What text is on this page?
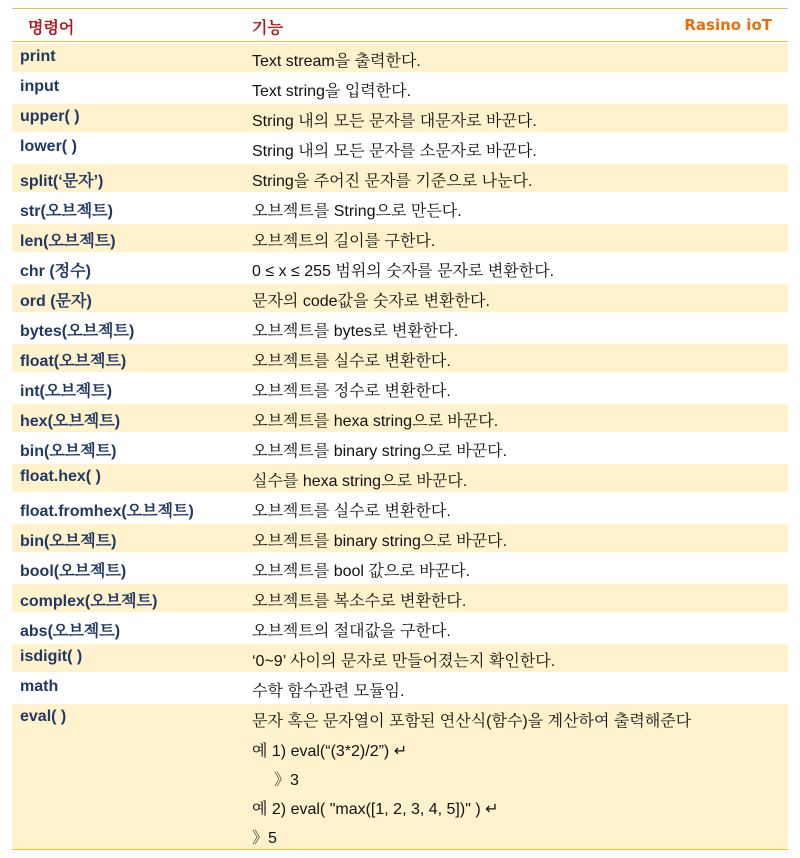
명령어	기능	Rasino ioT
print	Text stream을 출력한다.
input	Text string을 입력한다.
upper( )	String 내의 모든 문자를 대문자로 바꾼다.
lower( )	String 내의 모든 문자를 소문자로 바꾼다.
split(‘문자’)	String을 주어진 문자를 기준으로 나눈다.
str(오브젝트)	오브젝트를 String으로 만든다.
len(오브젝트)	오브젝트의 길이를 구한다.
chr (정수)	0 ≤ x ≤ 255 범위의 숫자를 문자로 변환한다.
ord (문자)	문자의 code값을 숫자로 변환한다.
bytes(오브젝트)	오브젝트를 bytes로 변환한다.
float(오브젝트)	오브젝트를 실수로 변환한다.
int(오브젝트)	오브젝트를 정수로 변환한다.
hex(오브젝트)	오브젝트를 hexa string으로 바꾼다.
bin(오브젝트)	오브젝트를 binary string으로 바꾼다.
float.hex( )	실수를 hexa string으로 바꾼다.
float.fromhex(오브젝트)	오브젝트를 실수로 변환한다.
bin(오브젝트)	오브젝트를 binary string으로 바꾼다.
bool(오브젝트)	오브젝트를 bool 값으로 바꾼다.
complex(오브젝트)	오브젝트를 복소수로 변환한다.
abs(오브젝트)	오브젝트의 절대값을 구한다.
isdigit( )	‘0~9’ 사이의 문자로 만들어졌는지 확인한다.
math	수학 함수관련 모듈임.
eval( )	문자 혹은 문자열이 포함된 연산식(함수)을 계산하여 출력해준다
예 1) eval(“(3*2)/2”) ↵
》3
예 2) eval( "max([1, 2, 3, 4, 5])" ) ↵
》5
